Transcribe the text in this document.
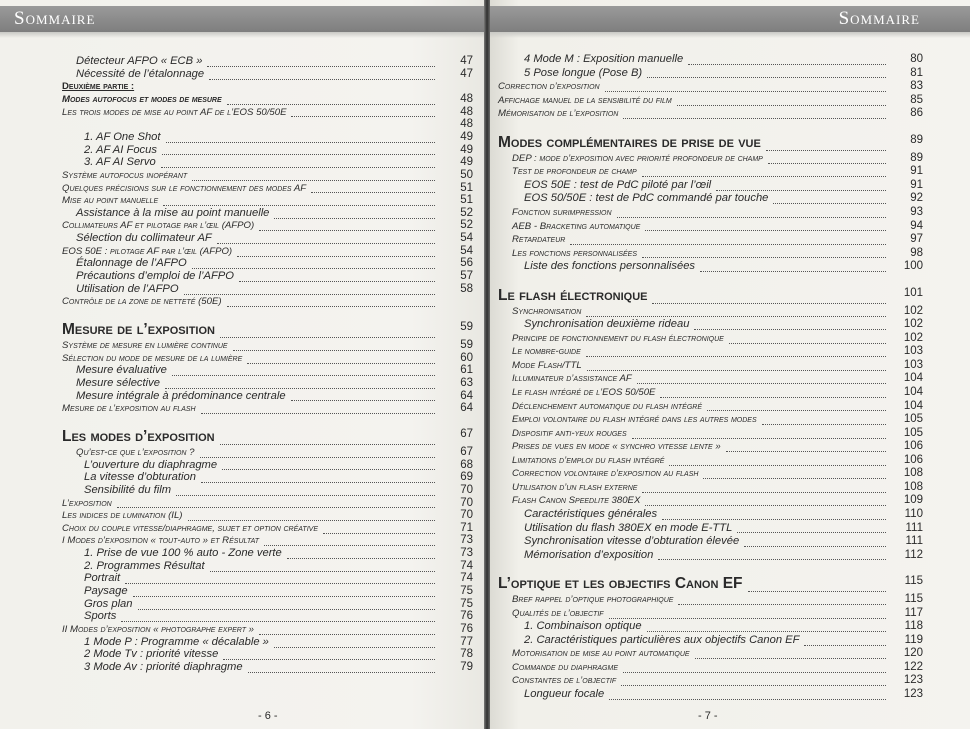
Sommaire
Détecteur AFPO « ECB »	47
Nécessité de l’étalonnage	47
Deuxième partie :
Modes autofocus et modes de mesure	48
Les trois modes de mise au point AF de l’EOS 50/50E	48
48
1. AF One Shot	49
2. AF AI Focus	49
3. AF AI Servo	49
Système autofocus inopérant	50
Quelques précisions sur le fonctionnement des modes AF	51
Mise au point manuelle	51
Assistance à la mise au point manuelle	52
Collimateurs AF et pilotage par l’œil (AFPO)	52
Sélection du collimateur AF	54
EOS 50E : pilotage AF par l’œil (AFPO)	54
Étalonnage de l’AFPO	56
Précautions d’emploi de l’AFPO	57
Utilisation de l’AFPO	58
Contrôle de la zone de netteté (50E)
Mesure de l’exposition	59
Système de mesure en lumière continue	59
Sélection du mode de mesure de la lumière	60
Mesure évaluative	61
Mesure sélective	63
Mesure intégrale à prédominance centrale	64
Mesure de l’exposition au flash	64
Les modes d’exposition	67
Qu’est-ce que l’exposition ?	67
L’ouverture du diaphragme	68
La vitesse d’obturation	69
Sensibilité du film	70
L’exposition	70
Les indices de lumination (IL)	70
Choix du couple vitesse/diaphragme, sujet et option créative	71
I Modes d’exposition « tout-auto » et Résultat	73
1. Prise de vue 100 % auto - Zone verte	73
2. Programmes Résultat	74
Portrait	74
Paysage	75
Gros plan	75
Sports	76
II Modes d’exposition « photographe expert »	76
1 Mode P : Programme « décalable »	77
2 Mode Tv : priorité vitesse	78
3 Mode Av : priorité diaphragme	79
- 6 -
Sommaire
4 Mode M : Exposition manuelle	80
5 Pose longue (Pose B)	81
Correction d’exposition	83
Affichage manuel de la sensibilité du film	85
Mémorisation de l’exposition	86
Modes complémentaires de prise de vue	89
DEP : mode d’exposition avec priorité profondeur de champ	89
Test de profondeur de champ	91
EOS 50E : test de PdC piloté par l’œil	91
EOS 50/50E : test de PdC commandé par touche	92
Fonction surimpression	93
AEB - Bracketing automatique	94
Retardateur	97
Les fonctions personnalisées	98
Liste des fonctions personnalisées	100
Le flash électronique	101
Synchronisation	102
Synchronisation deuxième rideau	102
Principe de fonctionnement du flash électronique	102
Le nombre-guide	103
Mode Flash/TTL	103
Illuminateur d’assistance AF	104
Le flash intégré de l’EOS 50/50E	104
Déclenchement automatique du flash intégré	104
Emploi volontaire du flash intégré dans les autres modes	105
Dispositif anti-yeux rouges	105
Prises de vues en mode « synchro vitesse lente »	106
Limitations d’emploi du flash intégré	106
Correction volontaire d’exposition au flash	108
Utilisation d’un flash externe	108
Flash Canon Speedlite 380EX	109
Caractéristiques générales	110
Utilisation du flash 380EX en mode E-TTL	111
Synchronisation vitesse d’obturation élevée	111
Mémorisation d’exposition	112
L’optique et les objectifs Canon EF	115
Bref rappel d’optique photographique	115
Qualités de l’objectif	117
1. Combinaison optique	118
2. Caractéristiques particulières aux objectifs Canon EF	119
Motorisation de mise au point automatique	120
Commande du diaphragme	122
Constantes de l’objectif	123
Longueur focale	123
- 7 -
